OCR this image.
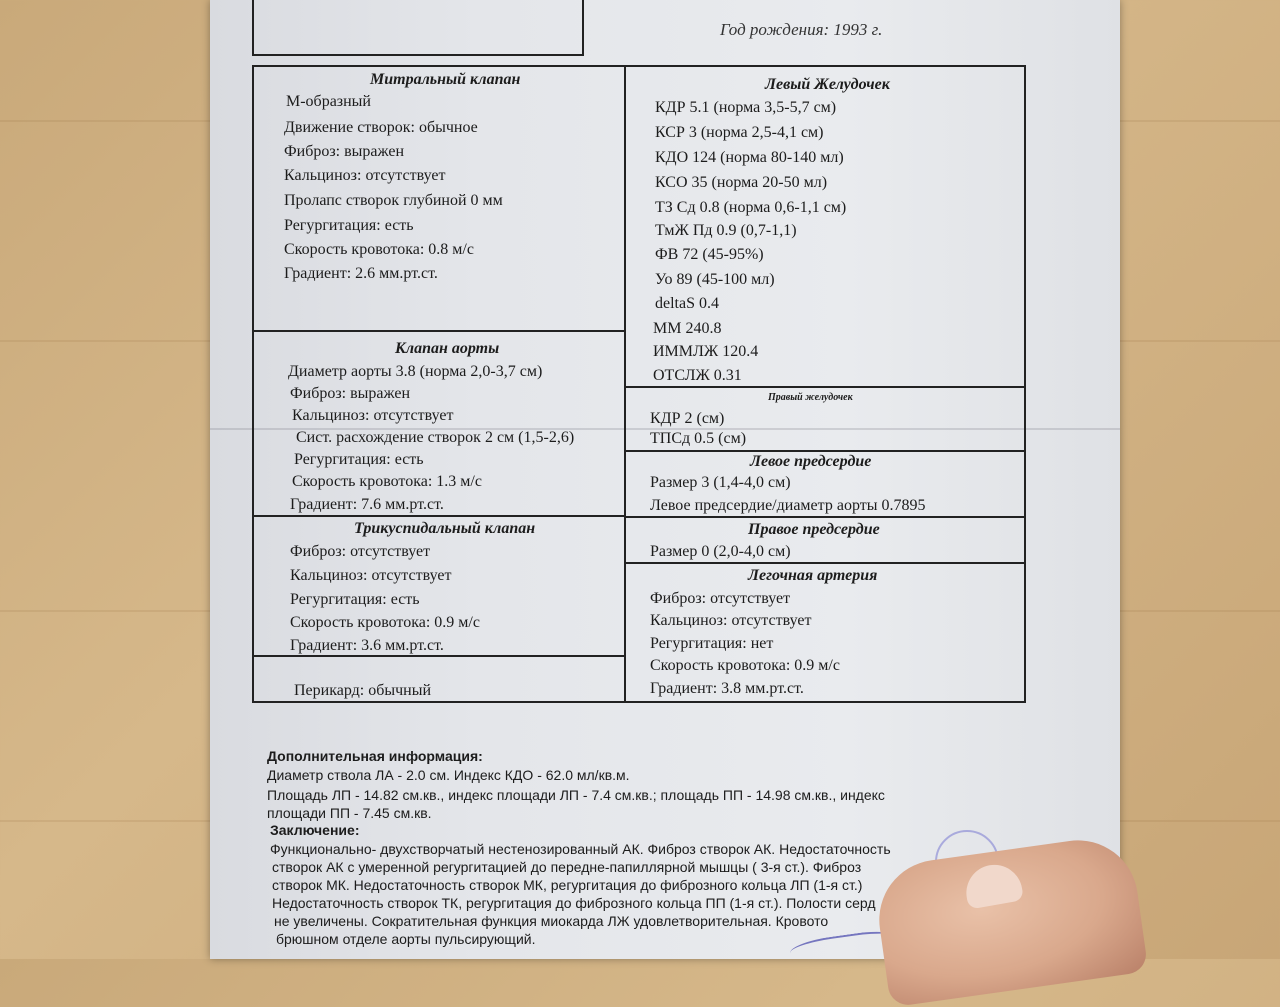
Год рождения: 1993 г.
Митральный клапан
М-образный
Движение створок: обычное
Фиброз: выражен
Кальциноз: отсутствует
Пролапс створок глубиной 0 мм
Регургитация: есть
Скорость кровотока: 0.8 м/с
Градиент: 2.6 мм.рт.ст.
Клапан аорты
Диаметр аорты 3.8 (норма 2,0-3,7 см)
Фиброз: выражен
Кальциноз: отсутствует
Сист. расхождение створок 2 см (1,5-2,6)
Регургитация: есть
Скорость кровотока: 1.3 м/с
Градиент: 7.6 мм.рт.ст.
Трикуспидальный клапан
Фиброз: отсутствует
Кальциноз: отсутствует
Регургитация: есть
Скорость кровотока: 0.9 м/с
Градиент: 3.6 мм.рт.ст.
Перикард: обычный
Левый Желудочек
КДР 5.1 (норма 3,5-5,7 см)
КСР 3 (норма 2,5-4,1 см)
КДО 124 (норма 80-140 мл)
КСО 35 (норма 20-50 мл)
ТЗ Сд 0.8 (норма 0,6-1,1 см)
ТмЖ Пд 0.9 (0,7-1,1)
ФВ 72 (45-95%)
Уо 89 (45-100 мл)
deltaS 0.4
ММ 240.8
ИММЛЖ 120.4
ОТСЛЖ 0.31
Правый желудочек
КДР 2 (см)
ТПСд 0.5 (см)
Левое предсердие
Размер 3 (1,4-4,0 см)
Левое предсердие/диаметр аорты 0.7895
Правое предсердие
Размер 0 (2,0-4,0 см)
Легочная артерия
Фиброз: отсутствует
Кальциноз: отсутствует
Регургитация: нет
Скорость кровотока: 0.9 м/с
Градиент: 3.8 мм.рт.ст.
Дополнительная информация:
Диаметр ствола ЛА - 2.0 см. Индекс КДО - 62.0 мл/кв.м.
Площадь ЛП - 14.82 см.кв., индекс площади ЛП - 7.4 см.кв.; площадь ПП - 14.98 см.кв., индекс
площади ПП - 7.45 см.кв.
Заключение:
Функционально- двухстворчатый нестенозированный АК. Фиброз створок АК. Недостаточность
створок АК с умеренной регургитацией до передне-папиллярной мышцы ( 3-я ст.). Фиброз
створок МК. Недостаточность створок МК, регургитация до фиброзного кольца ЛП (1-я ст.)
Недостаточность створок ТК, регургитация до фиброзного кольца ПП (1-я ст.). Полости серд
не увеличены. Сократительная функция миокарда ЛЖ удовлетворительная. Кровото
брюшном отделе аорты пульсирующий.
